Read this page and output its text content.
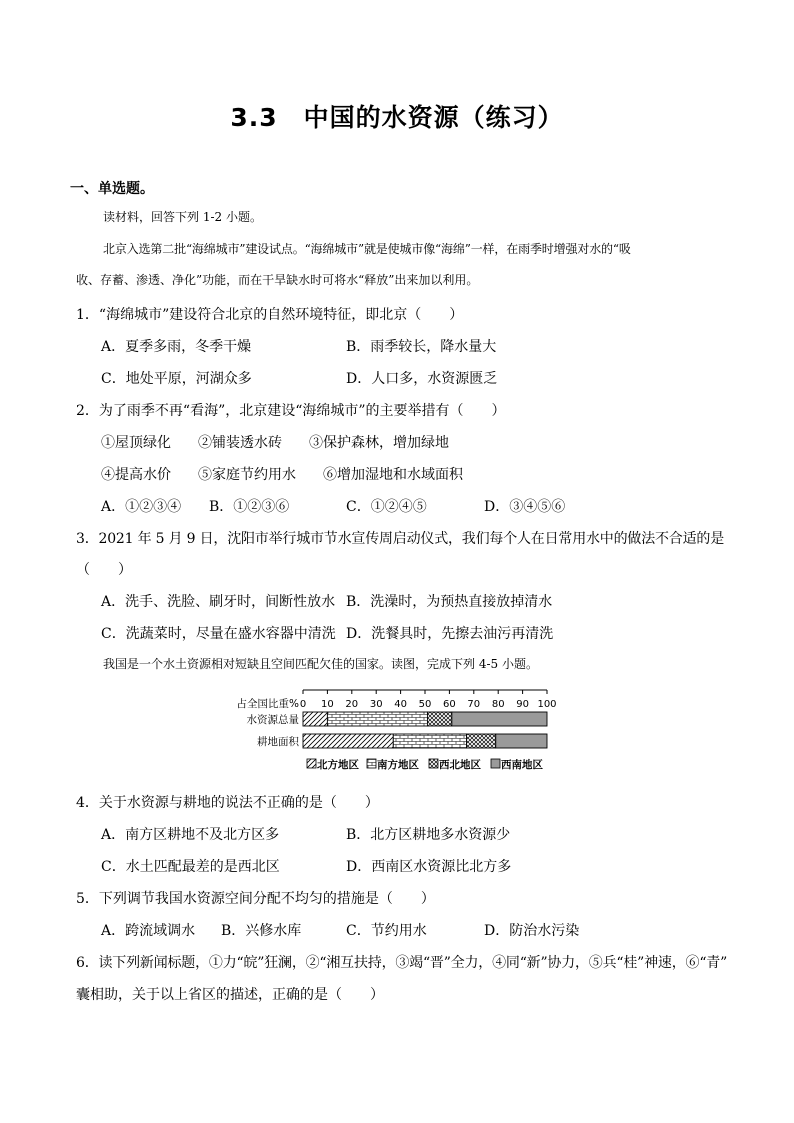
3.3 中国的水资源（练习）
一、单选题。
读材料，回答下列 1-2 小题。
北京入选第二批“海绵城市”建设试点。“海绵城市”就是使城市像“海绵”一样，在雨季时增强对水的“吸
收、存蓄、渗透、净化”功能，而在干旱缺水时可将水“释放”出来加以利用。
1．“海绵城市”建设符合北京的自然环境特征，即北京（　　）
A．夏季多雨，冬季干燥	B．雨季较长，降水量大
C．地处平原，河湖众多	D．人口多，水资源匮乏
2．为了雨季不再“看海”，北京建设“海绵城市”的主要举措有（　　）
①屋顶绿化 ②铺装透水砖 ③保护森林，增加绿地
④提高水价 ⑤家庭节约用水 ⑥增加湿地和水域面积
A．①②③④ B．①②③⑥	C．①②④⑤	D．③④⑤⑥
3．2021 年 5 月 9 日，沈阳市举行城市节水宣传周启动仪式，我们每个人在日常用水中的做法不合适的是
（　　）
A．洗手、洗脸、刷牙时，间断性放水 B．洗澡时，为预热直接放掉清水
C．洗蔬菜时，尽量在盛水容器中清洗 D．洗餐具时，先擦去油污再清洗
我国是一个水土资源相对短缺且空间匹配欠佳的国家。读图，完成下列 4-5 小题。
占全国比重% 0 10 20 30 40 50 60 70 80 90 100
水资源总量
耕地面积
北方地区 南方地区 西北地区 西南地区
4．关于水资源与耕地的说法不正确的是（　　）
A．南方区耕地不及北方区多	B．北方区耕地多水资源少
C．水土匹配最差的是西北区	D．西南区水资源比北方多
5．下列调节我国水资源空间分配不均匀的措施是（　　）
A．跨流域调水 B．兴修水库	C．节约用水	D．防治水污染
6．读下列新闻标题，①力“皖”狂澜，②“湘互扶持，③竭“晋”全力，④同“新”协力，⑤兵“桂”神速，⑥“青”
囊相助，关于以上省区的描述，正确的是（　　）
